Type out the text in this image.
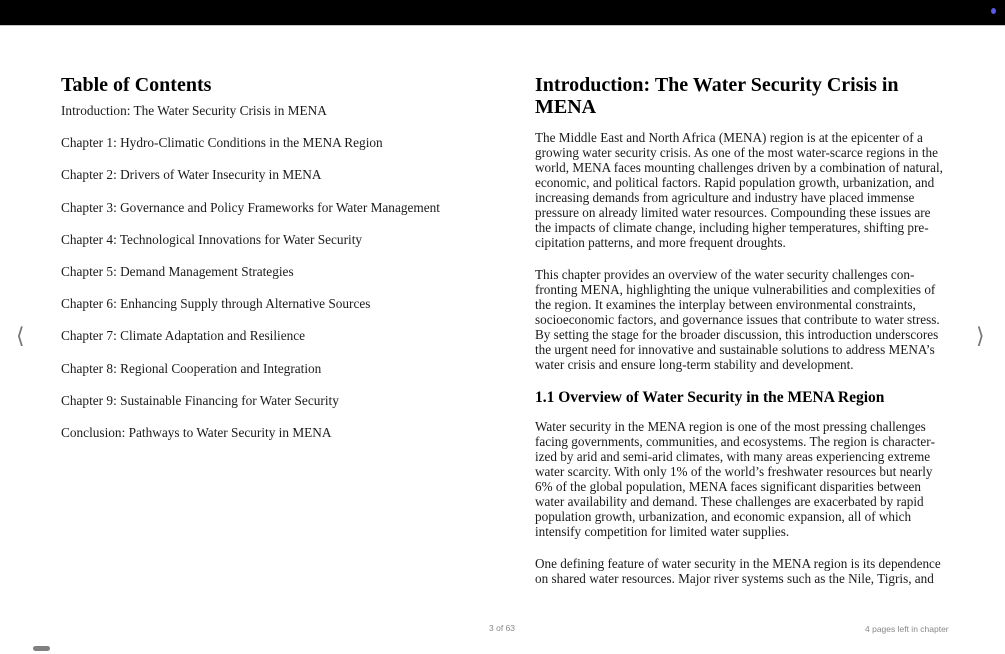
⟨	⟩
Table of Contents
Introduction: The Water Security Crisis in MENA
Chapter 1: Hydro-Climatic Conditions in the MENA Region
Chapter 2: Drivers of Water Insecurity in MENA
Chapter 3: Governance and Policy Frameworks for Water Management
Chapter 4: Technological Innovations for Water Security
Chapter 5: Demand Management Strategies
Chapter 6: Enhancing Supply through Alternative Sources
Chapter 7: Climate Adaptation and Resilience
Chapter 8: Regional Cooperation and Integration
Chapter 9: Sustainable Financing for Water Security
Conclusion: Pathways to Water Security in MENA
Introduction: The Water Security Crisis in MENA

The Middle East and North Africa (MENA) region is at the epicenter of a growing water security crisis. As one of the most water-scarce regions in the world, MENA faces mounting challenges driven by a combination of natural, economic, and political factors. Rapid population growth, urbanization, and increasing demands from agriculture and industry have placed immense pressure on already limited water resources. Compounding these issues are the impacts of climate change, including higher temperatures, shifting precipitation patterns, and more frequent droughts.

This chapter provides an overview of the water security challenges confronting MENA, highlighting the unique vulnerabilities and complexities of the region. It examines the interplay between environmental constraints, socioeconomic factors, and governance issues that contribute to water stress. By setting the stage for the broader discussion, this introduction underscores the urgent need for innovative and sustainable solutions to address MENA’s water crisis and ensure long-term stability and development.

1.1 Overview of Water Security in the MENA Region

Water security in the MENA region is one of the most pressing challenges facing governments, communities, and ecosystems. The region is characterized by arid and semi-arid climates, with many areas experiencing extreme water scarcity. With only 1% of the world’s freshwater resources but nearly 6% of the global population, MENA faces significant disparities between water availability and demand. These challenges are exacerbated by rapid population growth, urbanization, and economic expansion, all of which intensify competition for limited water supplies.

One defining feature of water security in the MENA region is its dependence on shared water resources. Major river systems such as the Nile, Tigris, and

3 of 63	4 pages left in chapter
